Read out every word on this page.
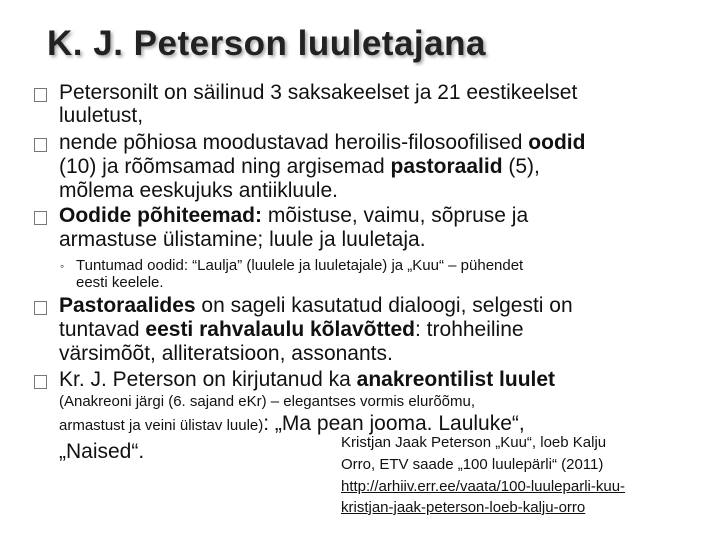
K. J. Peterson luuletajana
Petersonilt on säilinud 3 saksakeelset ja 21 eestikeelset
luuletust,
nende põhiosa moodustavad heroilis-filosoofilised oodid
(10) ja rõõmsamad ning argisemad pastoraalid (5),
mõlema eeskujuks antiikluule.
Oodide põhiteemad: mõistuse, vaimu, sõpruse ja
armastuse ülistamine; luule ja luuletaja.
◦ Tuntumad oodid: “Laulja” (luulele ja luuletajale) ja „Kuu“ – pühendet
eesti keelele.
Pastoraalides on sageli kasutatud dialoogi, selgesti on
tuntavad eesti rahvalaulu kõlavõtted: trohheiline
värsimõõt, alliteratsioon, assonants.
Kr. J. Peterson on kirjutanud ka anakreontilist luulet
(Anakreoni järgi (6. sajand eKr) – elegantses vormis elurõõmu,
armastust ja veini ülistav luule): „Ma pean jooma. Lauluke“,
„Naised“.	Kristjan Jaak Peterson „Kuu“, loeb Kalju
Orro, ETV saade „100 luulepärli“ (2011)
http://arhiiv.err.ee/vaata/100-luuleparli-kuu-
kristjan-jaak-peterson-loeb-kalju-orro
